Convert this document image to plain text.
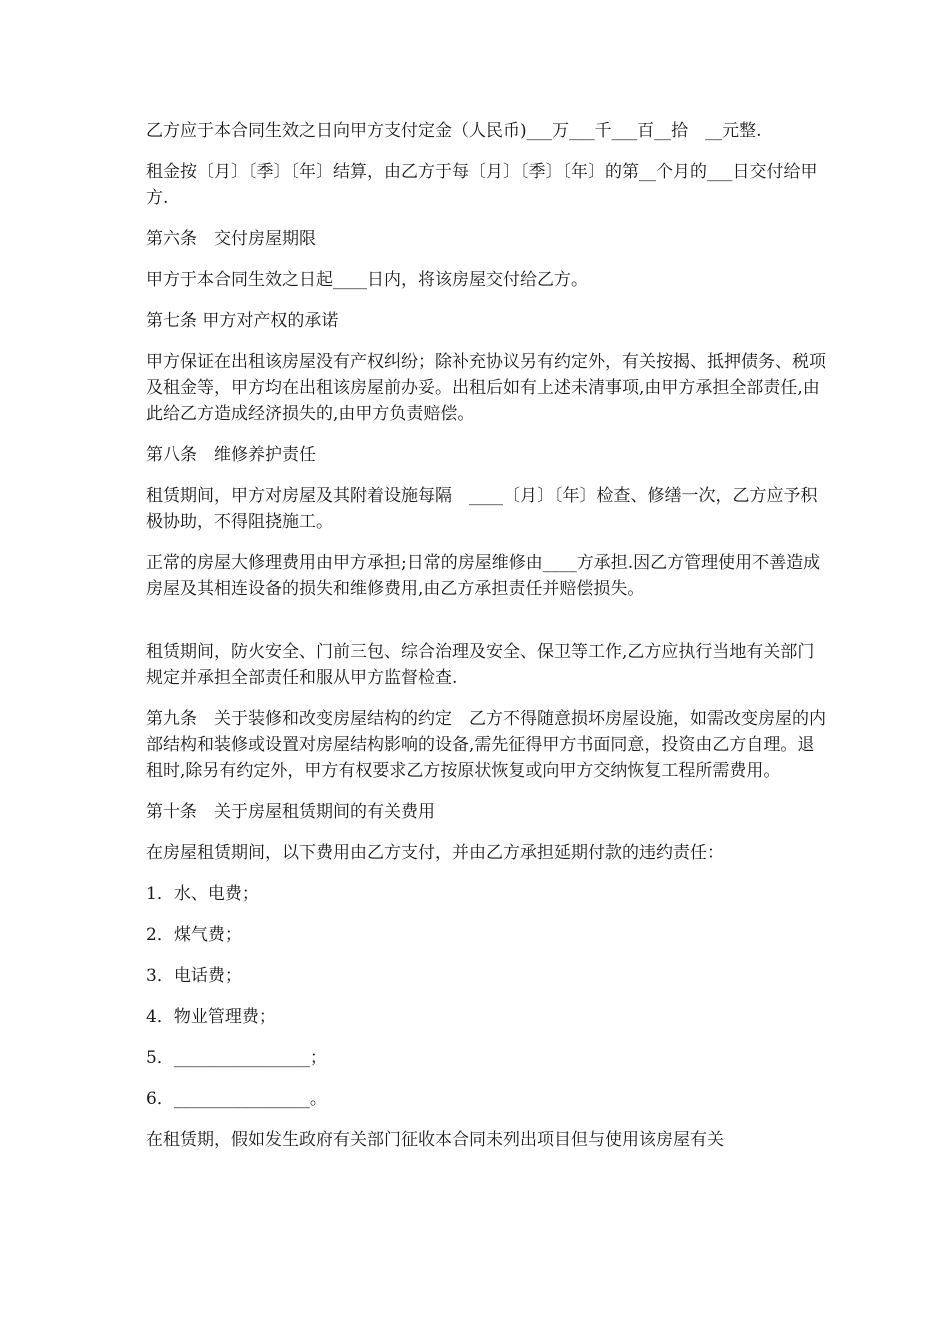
乙方应于本合同生效之日向甲方支付定金（人民币)___万___千___百__拾　__元整.

租金按〔月〕〔季〕〔年〕结算，由乙方于每〔月〕〔季〕〔年〕的第__个月的___日交付给甲方.

第六条　交付房屋期限

甲方于本合同生效之日起____日内，将该房屋交付给乙方。

第七条 甲方对产权的承诺

甲方保证在出租该房屋没有产权纠纷；除补充协议另有约定外，有关按揭、抵押债务、税项及租金等，甲方均在出租该房屋前办妥。出租后如有上述未清事项,由甲方承担全部责任,由此给乙方造成经济损失的,由甲方负责赔偿。

第八条　维修养护责任

租赁期间，甲方对房屋及其附着设施每隔　____〔月〕〔年〕检查、修缮一次，乙方应予积极协助，不得阻挠施工。

正常的房屋大修理费用由甲方承担;日常的房屋维修由____方承担.因乙方管理使用不善造成房屋及其相连设备的损失和维修费用,由乙方承担责任并赔偿损失。

租赁期间，防火安全、门前三包、综合治理及安全、保卫等工作,乙方应执行当地有关部门规定并承担全部责任和服从甲方监督检查.

第九条　关于装修和改变房屋结构的约定　乙方不得随意损坏房屋设施，如需改变房屋的内部结构和装修或设置对房屋结构影响的设备,需先征得甲方书面同意，投资由乙方自理。退租时,除另有约定外，甲方有权要求乙方按原状恢复或向甲方交纳恢复工程所需费用。

第十条　关于房屋租赁期间的有关费用

在房屋租赁期间，以下费用由乙方支付，并由乙方承担延期付款的违约责任：

1．水、电费；

2．煤气费；

3．电话费；

4．物业管理费；

5．________________；

6．________________。

在租赁期，假如发生政府有关部门征收本合同未列出项目但与使用该房屋有关
